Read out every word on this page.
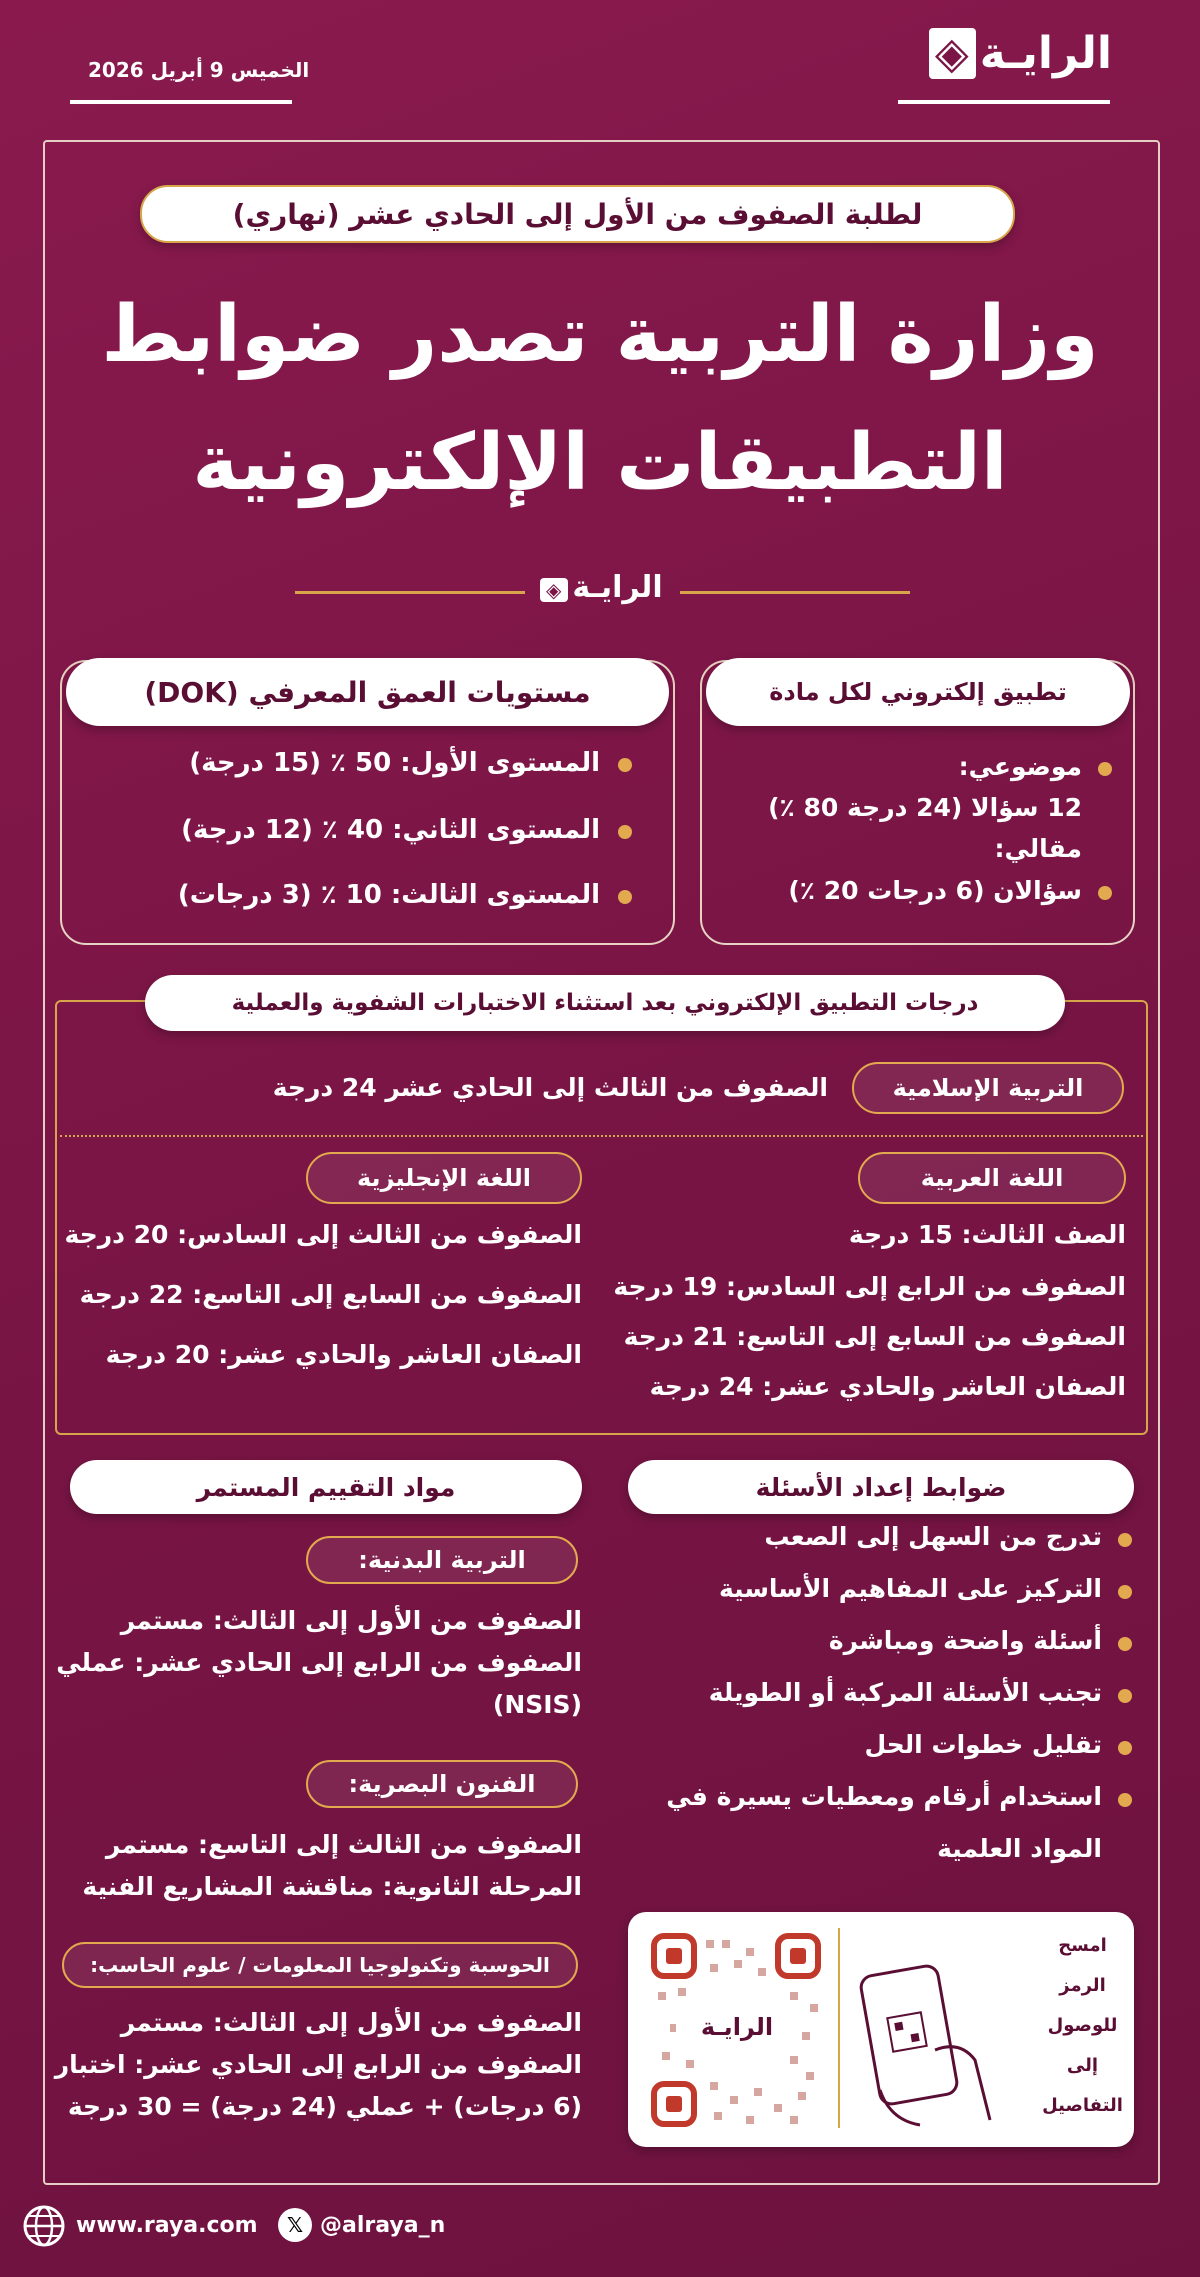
الرايـة◈
الخميس 9 أبريل 2026
لطلبة الصفوف من الأول إلى الحادي عشر (نهاري)
وزارة التربية تصدر ضوابط
التطبيقات الإلكترونية
الرايـة◈
تطبيق إلكتروني لكل مادة
موضوعي:
12 سؤالا (24 درجة 80 ٪)
مقالي:
سؤالان (6 درجات 20 ٪)
مستويات العمق المعرفي (DOK)
المستوى الأول: 50 ٪ (15 درجة)
المستوى الثاني: 40 ٪ (12 درجة)
المستوى الثالث: 10 ٪ (3 درجات)
درجات التطبيق الإلكتروني بعد استثناء الاختبارات الشفوية والعملية
التربية الإسلامية
الصفوف من الثالث إلى الحادي عشر 24 درجة
اللغة العربية
الصف الثالث: 15 درجة
الصفوف من الرابع إلى السادس: 19 درجة
الصفوف من السابع إلى التاسع: 21 درجة
الصفان العاشر والحادي عشر: 24 درجة
اللغة الإنجليزية
الصفوف من الثالث إلى السادس: 20 درجة
الصفوف من السابع إلى التاسع: 22 درجة
الصفان العاشر والحادي عشر: 20 درجة
ضوابط إعداد الأسئلة
تدرج من السهل إلى الصعب
التركيز على المفاهيم الأساسية
أسئلة واضحة ومباشرة
تجنب الأسئلة المركبة أو الطويلة
تقليل خطوات الحل
استخدام أرقام ومعطيات يسيرة في
المواد العلمية
مواد التقييم المستمر
التربية البدنية:
الصفوف من الأول إلى الثالث: مستمر
الصفوف من الرابع إلى الحادي عشر: عملي
(NSIS)
الفنون البصرية:
الصفوف من الثالث إلى التاسع: مستمر
المرحلة الثانوية: مناقشة المشاريع الفنية
الحوسبة وتكنولوجيا المعلومات / علوم الحاسب:
الصفوف من الأول إلى الثالث: مستمر
الصفوف من الرابع إلى الحادي عشر: اختبار
(6 درجات) + عملي (24 درجة) = 30 درجة
الرايـة
امسح
الرمز
للوصول
إلى
التفاصيل
www.raya.com	𝕏 @alraya_n
